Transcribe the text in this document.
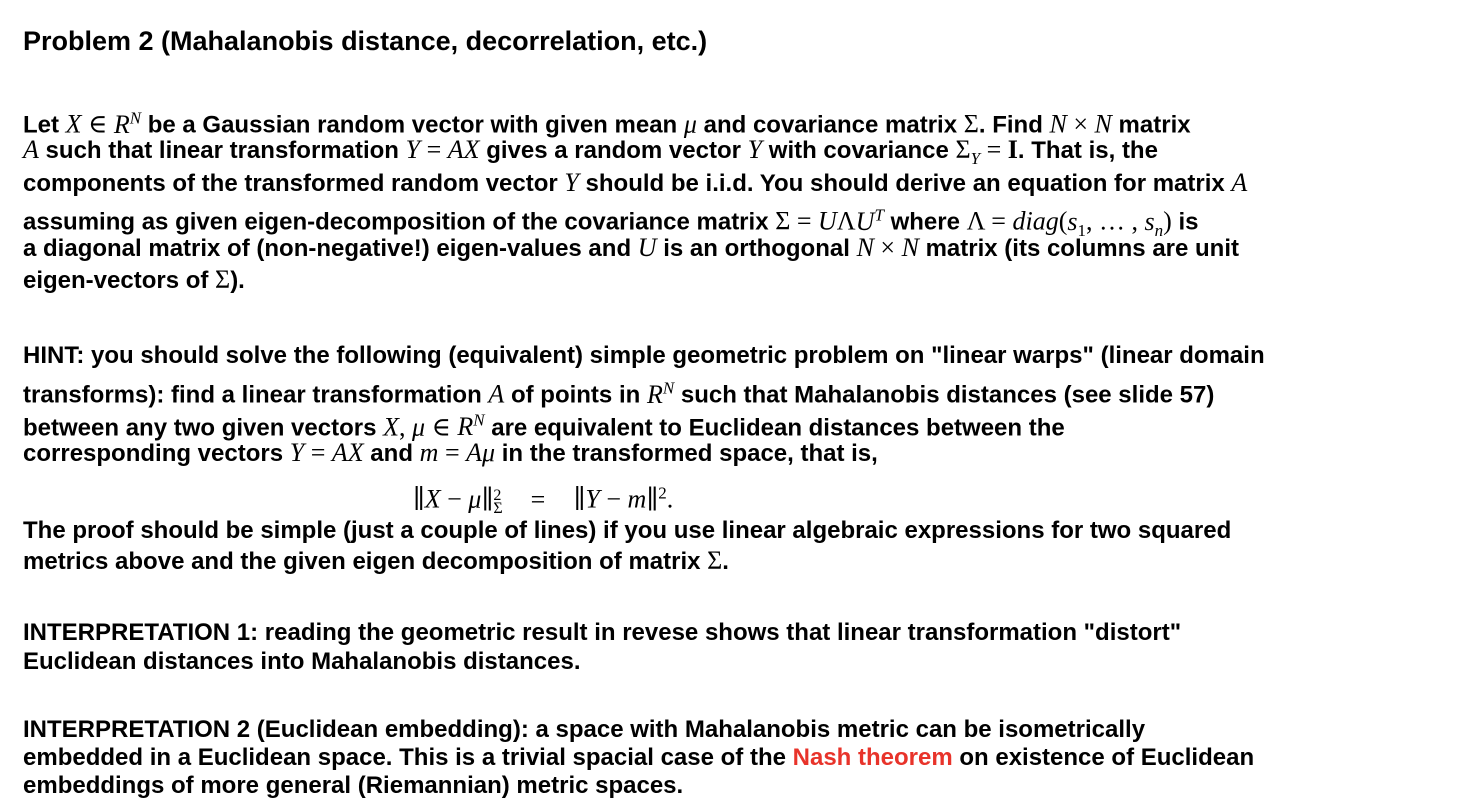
Problem 2 (Mahalanobis distance, decorrelation, etc.)
Let X ∈ $R^N$ be a Gaussian random vector with given mean μ and covariance matrix Σ. Find N × N matrix
A such that linear transformation Y = AX gives a random vector Y with covariance $\Sigma_Y = I$. That is, the
components of the transformed random vector Y should be i.i.d. You should derive an equation for matrix A
assuming as given eigen-decomposition of the covariance matrix $\Sigma = U\Lambda U^T$ where $\Lambda = diag(s_1$, … , $s_n$) is
a diagonal matrix of (non-negative!) eigen-values and U is an orthogonal N × N matrix (its columns are unit
eigen-vectors of Σ).
HINT: you should solve the following (equivalent) simple geometric problem on "linear warps" (linear domain
transforms): find a linear transformation A of points in $R^N$ such that Mahalanobis distances (see slide 57)
between any two given vectors X, μ ∈ $R^N$ are equivalent to Euclidean distances between the
corresponding vectors Y = AX and m = Aμ in the transformed space, that is,
∥X − μ∥ 2
Σ = ∥Y − m∥$^2$.
The proof should be simple (just a couple of lines) if you use linear algebraic expressions for two squared
metrics above and the given eigen decomposition of matrix Σ.
INTERPRETATION 1: reading the geometric result in revese shows that linear transformation "distort"
Euclidean distances into Mahalanobis distances.
INTERPRETATION 2 (Euclidean embedding): a space with Mahalanobis metric can be isometrically
embedded in a Euclidean space. This is a trivial spacial case of the Nash theorem on existence of Euclidean
embeddings of more general (Riemannian) metric spaces.
